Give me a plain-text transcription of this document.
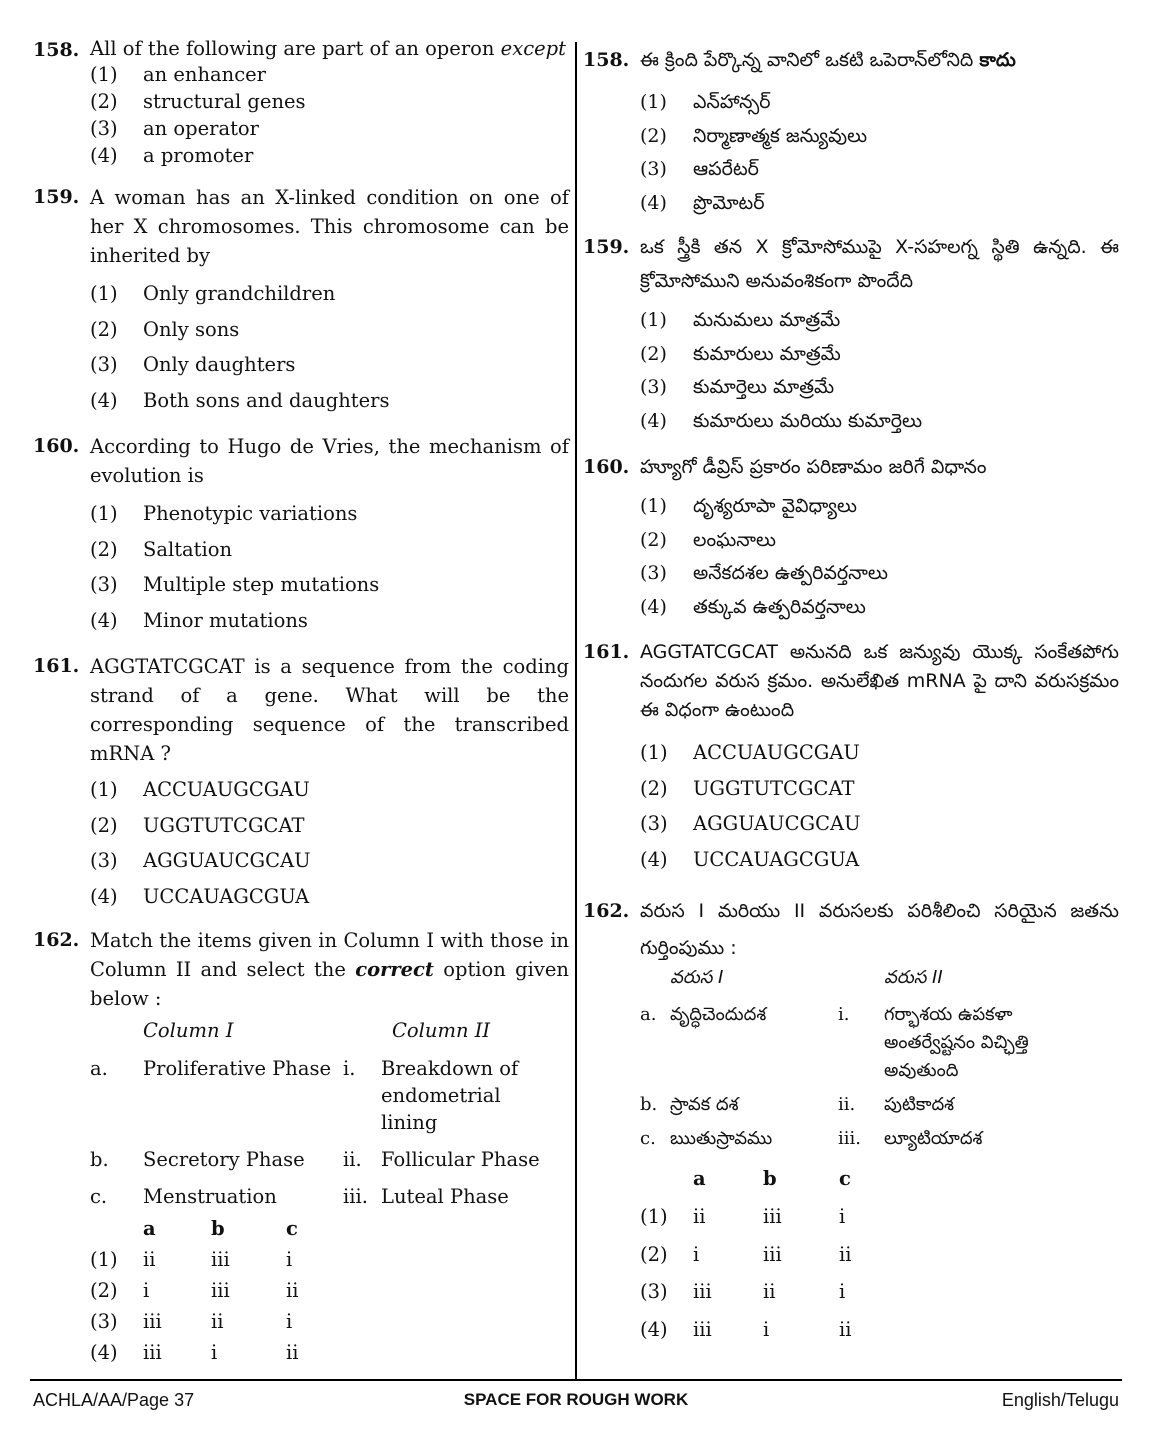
158. All of the following are part of an operon except
(1) an enhancer
(2) structural genes
(3) an operator
(4) a promoter
159. A woman has an X-linked condition on one of her X chromosomes. This chromosome can be inherited by
(1) Only grandchildren
(2) Only sons
(3) Only daughters
(4) Both sons and daughters
160. According to Hugo de Vries, the mechanism of evolution is
(1) Phenotypic variations
(2) Saltation
(3) Multiple step mutations
(4) Minor mutations
161. AGGTATCGCAT is a sequence from the coding strand of a gene. What will be the corresponding sequence of the transcribed mRNA ?
(1) ACCUAUGCGAU
(2) UGGTUTCGCAT
(3) AGGUAUCGCAU
(4) UCCAUAGCGUA
162. Match the items given in Column I with those in Column II and select the correct option given below :
	Column I		Column II
a.	Proliferative Phase	i.	Breakdown of endometrial lining
b.	Secretory Phase	ii.	Follicular Phase
c.	Menstruation	iii.	Luteal Phase
	a	b	c
(1)	ii	iii	i
(2)	i	iii	ii
(3)	iii	ii	i
(4)	iii	i	ii
158. ఈ క్రింది పేర్కొన్న వానిలో ఒకటి ఒపెరాన్‌లోనిది కాదు
(1) ఎన్‌హాన్సర్
(2) నిర్మాణాత్మక జన్యువులు
(3) ఆపరేటర్
(4) ప్రొమోటర్
159. ఒక స్త్రీకి తన X క్రోమోసోముపై X-సహలగ్న స్థితి ఉన్నది. ఈ క్రోమోసోముని అనువంశికంగా పొందేది
(1) మనుమలు మాత్రమే
(2) కుమారులు మాత్రమే
(3) కుమార్తెలు మాత్రమే
(4) కుమారులు మరియు కుమార్తెలు
160. హ్యూగో డీవ్రిస్ ప్రకారం పరిణామం జరిగే విధానం
(1) దృశ్యరూపా వైవిధ్యాలు
(2) లంఘనాలు
(3) అనేకదశల ఉత్పరివర్తనాలు
(4) తక్కువ ఉత్పరివర్తనాలు
161. AGGTATCGCAT అనునది ఒక జన్యువు యొక్క సంకేతపోగు నందుగల వరుస క్రమం. అనులేఖిత mRNA పై దాని వరుసక్రమం ఈ విధంగా ఉంటుంది
(1) ACCUAUGCGAU
(2) UGGTUTCGCAT
(3) AGGUAUCGCAU
(4) UCCAUAGCGUA
162. వరుస I మరియు II వరుసలకు పరిశీలించి సరియైన జతను గుర్తింపుము :
	వరుస I		వరుస II
a.	వృద్ధిచెందుదశ	i.	గర్భాశయ ఉపకళా అంతర్వేష్టనం విచ్ఛిత్తి అవుతుంది
b.	స్రావక దశ	ii.	పుటికాదశ
c.	ఋతుస్రావము	iii.	ల్యూటియాదశ
	a	b	c
(1)	ii	iii	i
(2)	i	iii	ii
(3)	iii	ii	i
(4)	iii	i	ii
ACHLA/AA/Page 37	SPACE FOR ROUGH WORK	English/Telugu
